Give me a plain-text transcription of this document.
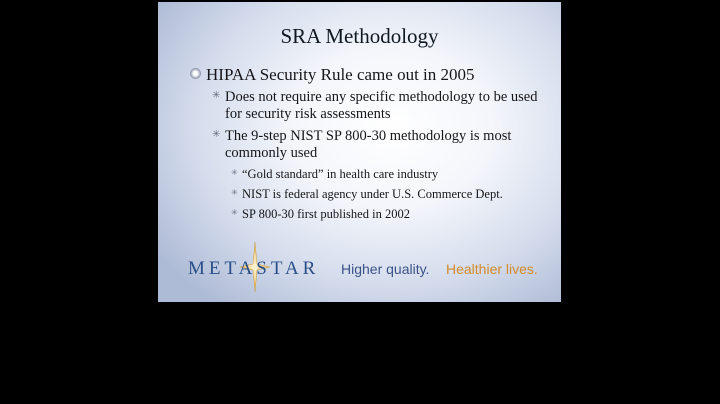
SRA Methodology
HIPAA Security Rule came out in 2005
✳ Does not require any specific methodology to be used for security risk assessments
✳ The 9-step NIST SP 800-30 methodology is most commonly used
✳ “Gold standard” in health care industry
✳ NIST is federal agency under U.S. Commerce Dept.
✳ SP 800-30 first published in 2002
METASTAR Higher quality. Healthier lives.
